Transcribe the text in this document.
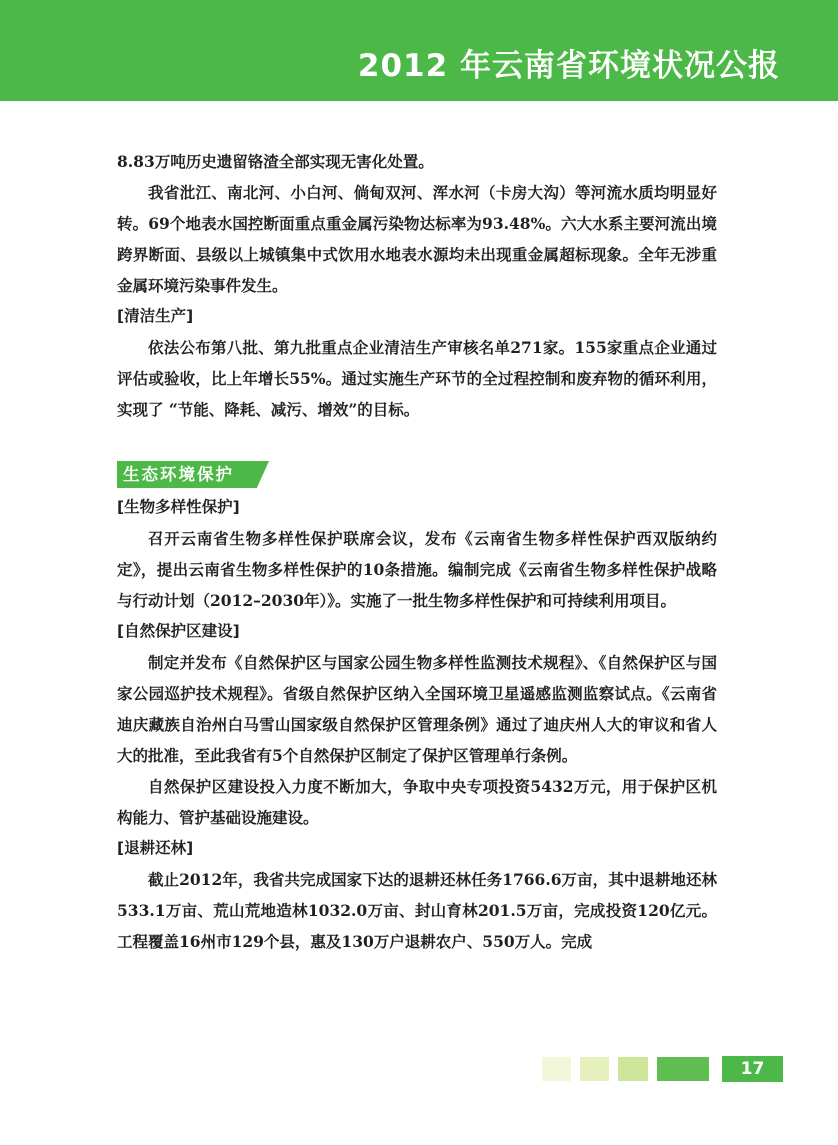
2012 年云南省环境状况公报

8.83万吨历史遗留铬渣全部实现无害化处置。

我省沘江、南北河、小白河、倘甸双河、浑水河（卡房大沟）等河流水质均明显好转。69个地表水国控断面重点重金属污染物达标率为93.48%。六大水系主要河流出境跨界断面、县级以上城镇集中式饮用水地表水源均未出现重金属超标现象。全年无涉重金属环境污染事件发生。

[清洁生产]

依法公布第八批、第九批重点企业清洁生产审核名单271家。155家重点企业通过评估或验收，比上年增长55%。通过实施生产环节的全过程控制和废弃物的循环利用，实现了 “节能、降耗、减污、增效”的目标。

生态环境保护
[生物多样性保护]

召开云南省生物多样性保护联席会议，发布《云南省生物多样性保护西双版纳约定》，提出云南省生物多样性保护的10条措施。编制完成《云南省生物多样性保护战略与行动计划（2012–2030年）》。实施了一批生物多样性保护和可持续利用项目。

[自然保护区建设]

制定并发布《自然保护区与国家公园生物多样性监测技术规程》、《自然保护区与国家公园巡护技术规程》。省级自然保护区纳入全国环境卫星遥感监测监察试点。《云南省迪庆藏族自治州白马雪山国家级自然保护区管理条例》通过了迪庆州人大的审议和省人大的批准，至此我省有5个自然保护区制定了保护区管理单行条例。

自然保护区建设投入力度不断加大，争取中央专项投资5432万元，用于保护区机构能力、管护基础设施建设。

[退耕还林]

截止2012年，我省共完成国家下达的退耕还林任务1766.6万亩，其中退耕地还林533.1万亩、荒山荒地造林1032.0万亩、封山育林201.5万亩，完成投资120亿元。工程覆盖16州市129个县，惠及130万户退耕农户、550万人。完成

17
